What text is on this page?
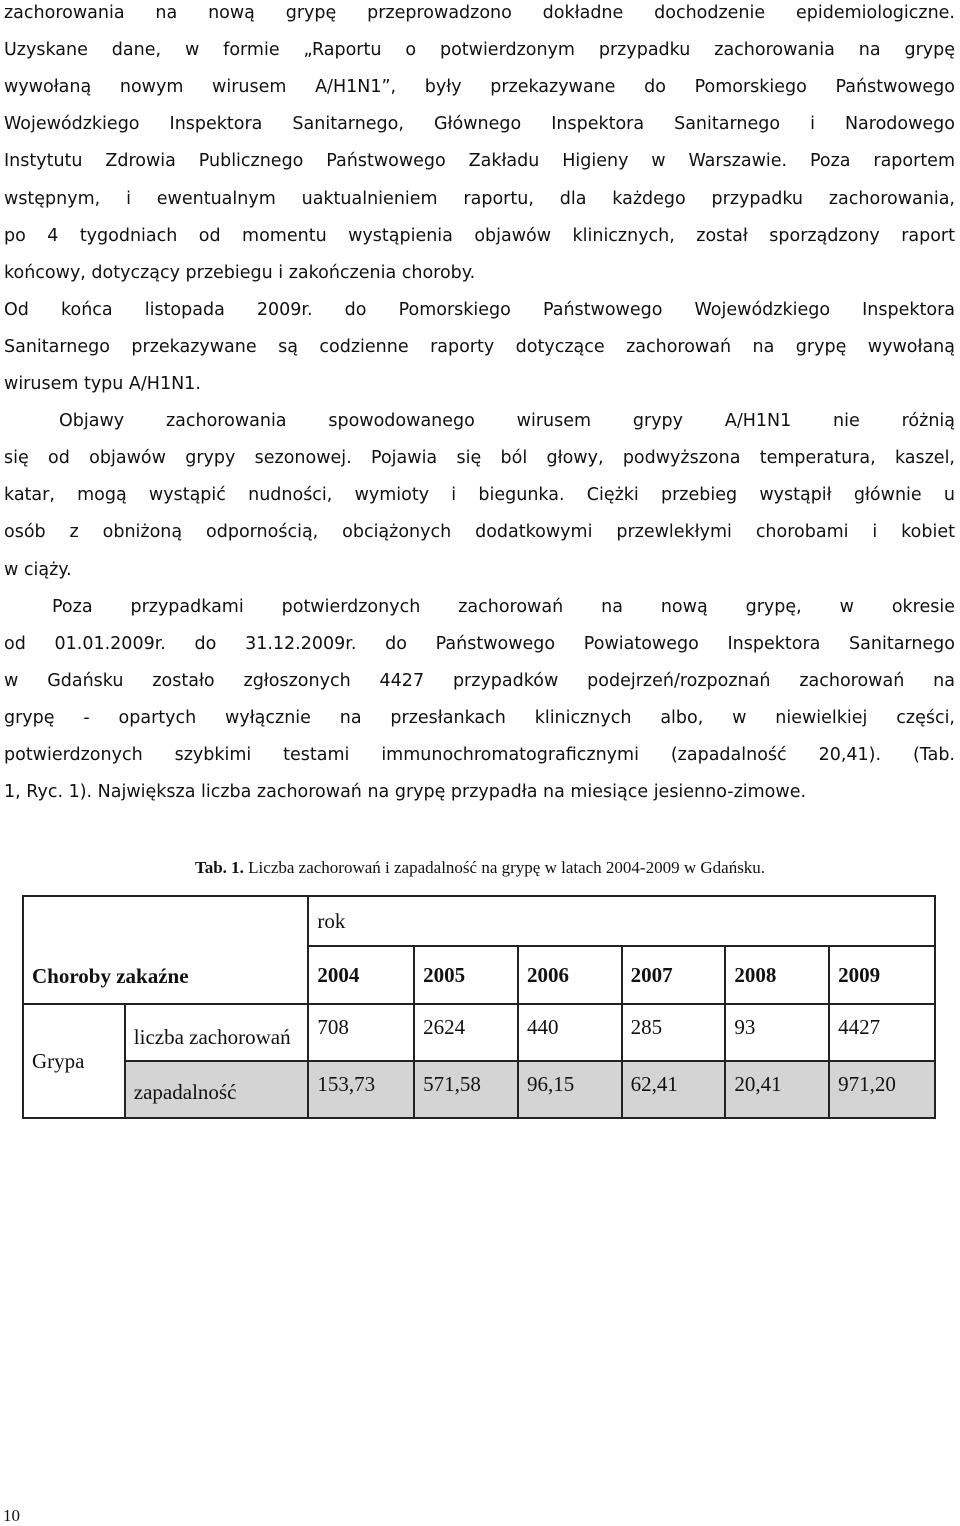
zachorowania na nową grypę przeprowadzono dokładne dochodzenie epidemiologiczne.
Uzyskane dane, w formie „Raportu o potwierdzonym przypadku zachorowania na grypę
wywołaną nowym wirusem A/H1N1”, były przekazywane do Pomorskiego Państwowego
Wojewódzkiego Inspektora Sanitarnego, Głównego Inspektora Sanitarnego i Narodowego
Instytutu Zdrowia Publicznego Państwowego Zakładu Higieny w Warszawie. Poza raportem
wstępnym, i ewentualnym uaktualnieniem raportu, dla każdego przypadku zachorowania,
po 4 tygodniach od momentu wystąpienia objawów klinicznych, został sporządzony raport
końcowy, dotyczący przebiegu i zakończenia choroby.
Od końca listopada 2009r. do Pomorskiego Państwowego Wojewódzkiego Inspektora
Sanitarnego przekazywane są codzienne raporty dotyczące zachorowań na grypę wywołaną
wirusem typu A/H1N1.
Objawy zachorowania spowodowanego wirusem grypy A/H1N1 nie różnią
się od objawów grypy sezonowej. Pojawia się ból głowy, podwyższona temperatura, kaszel,
katar, mogą wystąpić nudności, wymioty i biegunka. Ciężki przebieg wystąpił głównie u
osób z obniżoną odpornością, obciążonych dodatkowymi przewlekłymi chorobami i kobiet
w ciąży.
Poza przypadkami potwierdzonych zachorowań na nową grypę, w okresie
od 01.01.2009r. do 31.12.2009r. do Państwowego Powiatowego Inspektora Sanitarnego
w Gdańsku zostało zgłoszonych 4427 przypadków podejrzeń/rozpoznań zachorowań na
grypę - opartych wyłącznie na przesłankach klinicznych albo, w niewielkiej części,
potwierdzonych szybkimi testami immunochromatograficznymi (zapadalność 20,41). (Tab.
1, Ryc. 1). Największa liczba zachorowań na grypę przypadła na miesiące jesienno-zimowe.
Tab. 1. Liczba zachorowań i zapadalność na grypę w latach 2004-2009 w Gdańsku.
Choroby zakaźne		rok					
		2004	2005	2006	2007	2008	2009
Grypa	liczba zachorowań	708	2624	440	285	93	4427
	zapadalność	153,73	571,58	96,15	62,41	20,41	971,20
10
